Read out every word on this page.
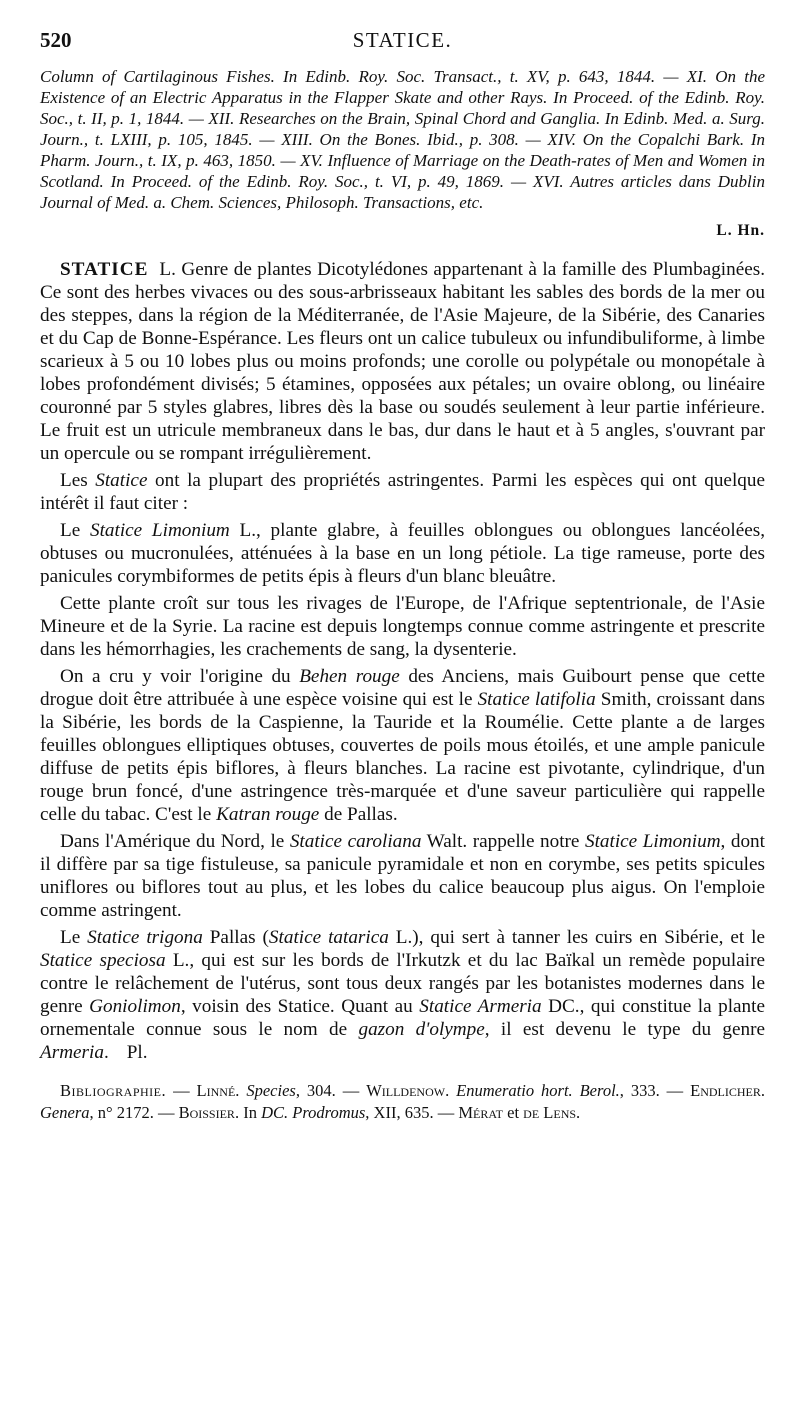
520	STATICE.

Column of Cartilaginous Fishes. In Edinb. Roy. Soc. Transact., t. XV, p. 643, 1844. — XI. On the Existence of an Electric Apparatus in the Flapper Skate and other Rays. In Proceed. of the Edinb. Roy. Soc., t. II, p. 1, 1844. — XII. Researches on the Brain, Spinal Chord and Ganglia. In Edinb. Med. a. Surg. Journ., t. LXIII, p. 105, 1845. — XIII. On the Bones. Ibid., p. 308. — XIV. On the Copalchi Bark. In Pharm. Journ., t. IX, p. 463, 1850. — XV. Influence of Marriage on the Death-rates of Men and Women in Scotland. In Proceed. of the Edinb. Roy. Soc., t. VI, p. 49, 1869. — XVI. Autres articles dans Dublin Journal of Med. a. Chem. Sciences, Philosoph. Transactions, etc.

L. Hn.

STATICE L. Genre de plantes Dicotylédones appartenant à la famille des Plumbaginées. Ce sont des herbes vivaces ou des sous-arbrisseaux habitant les sables des bords de la mer ou des steppes, dans la région de la Méditerranée, de l'Asie Majeure, de la Sibérie, des Canaries et du Cap de Bonne-Espérance. Les fleurs ont un calice tubuleux ou infundibuliforme, à limbe scarieux à 5 ou 10 lobes plus ou moins profonds; une corolle ou polypétale ou monopétale à lobes profondément divisés; 5 étamines, opposées aux pétales; un ovaire oblong, ou linéaire couronné par 5 styles glabres, libres dès la base ou soudés seulement à leur partie inférieure. Le fruit est un utricule membraneux dans le bas, dur dans le haut et à 5 angles, s'ouvrant par un opercule ou se rompant irrégulièrement.

Les Statice ont la plupart des propriétés astringentes. Parmi les espèces qui ont quelque intérêt il faut citer :

Le Statice Limonium L., plante glabre, à feuilles oblongues ou oblongues lancéolées, obtuses ou mucronulées, atténuées à la base en un long pétiole. La tige rameuse, porte des panicules corymbiformes de petits épis à fleurs d'un blanc bleuâtre.

Cette plante croît sur tous les rivages de l'Europe, de l'Afrique septentrionale, de l'Asie Mineure et de la Syrie. La racine est depuis longtemps connue comme astringente et prescrite dans les hémorrhagies, les crachements de sang, la dysenterie.

On a cru y voir l'origine du Behen rouge des Anciens, mais Guibourt pense que cette drogue doit être attribuée à une espèce voisine qui est le Statice latifolia Smith, croissant dans la Sibérie, les bords de la Caspienne, la Tauride et la Roumélie. Cette plante a de larges feuilles oblongues elliptiques obtuses, couvertes de poils mous étoilés, et une ample panicule diffuse de petits épis biflores, à fleurs blanches. La racine est pivotante, cylindrique, d'un rouge brun foncé, d'une astringence très-marquée et d'une saveur particulière qui rappelle celle du tabac. C'est le Katran rouge de Pallas.

Dans l'Amérique du Nord, le Statice caroliana Walt. rappelle notre Statice Limonium, dont il diffère par sa tige fistuleuse, sa panicule pyramidale et non en corymbe, ses petits spicules uniflores ou biflores tout au plus, et les lobes du calice beaucoup plus aigus. On l'emploie comme astringent.

Le Statice trigona Pallas (Statice tatarica L.), qui sert à tanner les cuirs en Sibérie, et le Statice speciosa L., qui est sur les bords de l'Irkutzk et du lac Baïkal un remède populaire contre le relâchement de l'utérus, sont tous deux rangés par les botanistes modernes dans le genre Goniolimon, voisin des Statice. Quant au Statice Armeria DC., qui constitue la plante ornementale connue sous le nom de gazon d'olympe, il est devenu le type du genre Armeria. Pl.

Bibliographie. — Linné. Species, 304. — Willdenow. Enumeratio hort. Berol., 333. — Endlicher. Genera, n° 2172. — Boissier. In DC. Prodromus, XII, 635. — Mérat et de Lens.
